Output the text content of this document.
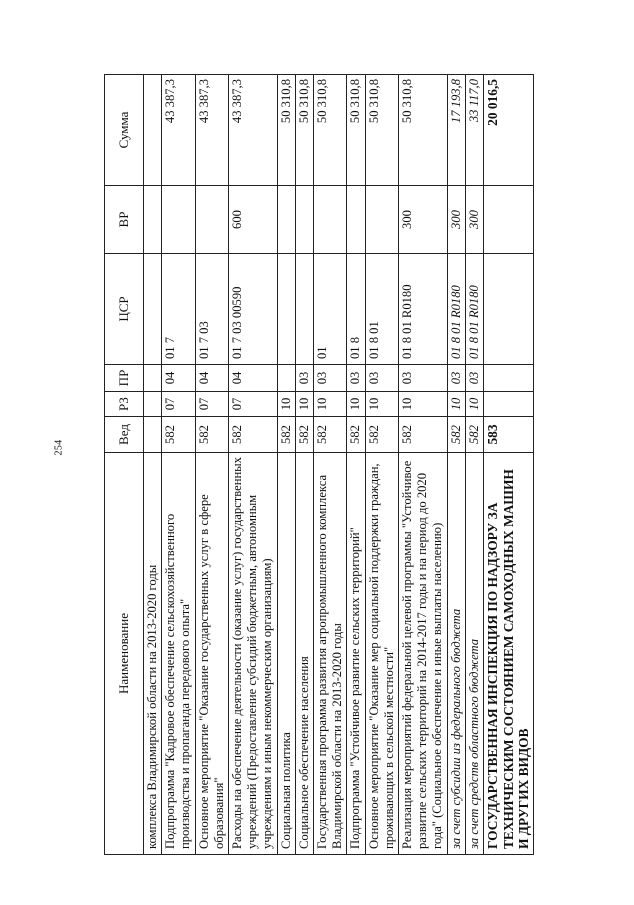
254
Наименование	Вед	РЗ	ПР	ЦСР	ВР	Сумма
комплекса Владимирской области на 2013-2020 годы						
Подпрограмма "Кадровое обеспечение сельскохозяйственного производства и пропаганда передового опыта"	582	07	04	01 7		43 387,3
Основное мероприятие "Оказание государственных услуг в сфере образования"	582	07	04	01 7 03		43 387,3
Расходы на обеспечение деятельности (оказание услуг) государственных учреждений (Предоставление субсидий бюджетным, автономным учреждениям и иным некоммерческим организациям)	582	07	04	01 7 03 00590	600	43 387,3
Социальная политика	582	10				50 310,8
Социальное обеспечение населения	582	10	03			50 310,8
Государственная программа развития агропромышленного комплекса Владимирской области на 2013-2020 годы	582	10	03	01		50 310,8
Подпрограмма "Устойчивое развитие сельских территорий"	582	10	03	01 8		50 310,8
Основное мероприятие "Оказание мер социальной поддержки граждан, проживающих в сельской местности"	582	10	03	01 8 01		50 310,8
Реализация мероприятий федеральной целевой программы "Устойчивое развитие сельских территорий на 2014-2017 годы и на период до 2020 года" (Социальное обеспечение и иные выплаты населению)	582	10	03	01 8 01 R0180	300	50 310,8
за счет субсидии из федерального бюджета	582	10	03	01 8 01 R0180	300	17 193,8
за счет средств областного бюджета	582	10	03	01 8 01 R0180	300	33 117,0
ГОСУДАРСТВЕННАЯ ИНСПЕКЦИЯ ПО НАДЗОРУ ЗА ТЕХНИЧЕСКИМ СОСТОЯНИЕМ САМОХОДНЫХ МАШИН И ДРУГИХ ВИДОВ	583					20 016,5
